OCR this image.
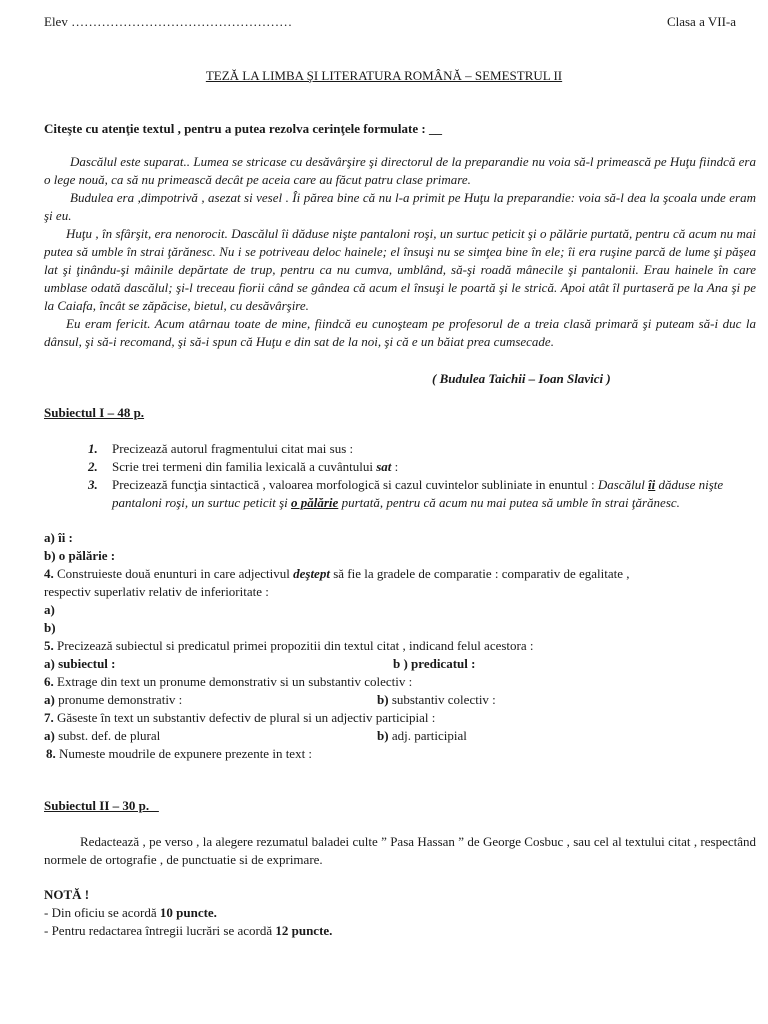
Elev ……………………………………………	Clasa a VII-a
TEZĂ LA LIMBA ŞI LITERATURA ROMÂNĂ – SEMESTRUL II
Citeşte cu atenţie textul , pentru a putea rezolva cerinţele formulate : __

Dascălul este suparat.. Lumea se stricase cu desăvârşire şi directorul de la preparandie nu voia să-l primească pe Huţu fiindcă era o lege nouă, ca să nu primească decât pe aceia care au făcut patru clase primare.

Budulea era ,dimpotrivă , asezat si vesel . Îi părea bine că nu l-a primit pe Huţu la preparandie: voia să-l dea la şcoala unde eram şi eu.

Huţu , în sfârşit, era nenorocit. Dascălul îi dăduse nişte pantaloni roşi, un surtuc peticit şi o pălărie purtată, pentru că acum nu mai putea să umble în strai ţărănesc. Nu i se potriveau deloc hainele; el însuşi nu se simţea bine în ele; îi era ruşine parcă de lume şi păşea lat şi ţinându-şi mâinile depărtate de trup, pentru ca nu cumva, umblând, să-şi roadă mânecile şi pantalonii. Erau hainele în care umblase odată dascălul; şi-l treceau fiorii când se gândea că acum el însuşi le poartă şi le strică. Apoi atât îl purtaseră pe la Ana şi pe la Caiafa, încât se zăpăcise, bietul, cu desăvârşire.

Eu eram fericit. Acum atârnau toate de mine, fiindcă eu cunoşteam pe profesorul de a treia clasă primară şi puteam să-i duc la dânsul, şi să-i recomand, şi să-i spun că Huţu e din sat de la noi, şi că e un băiat prea cumsecade.

( Budulea Taichii – Ioan Slavici )
Subiectul I – 48 p.
1. Precizează autorul fragmentului citat mai sus :
2. Scrie trei termeni din familia lexicală a cuvântului sat :
3. Precizează funcţia sintactică , valoarea morfologică si cazul cuvintelor subliniate in enuntul : Dascălul îi dăduse nişte pantaloni roşi, un surtuc peticit şi o pălărie purtată, pentru că acum nu mai putea să umble în strai ţărănesc.
a) îi :
b) o pălărie :
4. Construieste două enunturi in care adjectivul deştept să fie la gradele de comparatie : comparativ de egalitate ,
respectiv superlativ relativ de inferioritate :
a)
b)
5. Precizează subiectul si predicatul primei propozitii din textul citat , indicand felul acestora :
a) subiectul :	b ) predicatul :
6. Extrage din text un pronume demonstrativ si un substantiv colectiv :
a) pronume demonstrativ :	b) substantiv colectiv :
7. Găseste în text un substantiv defectiv de plural si un adjectiv participial :
a) subst. def. de plural	b) adj. participial
8. Numeste moudrile de expunere prezente in text :
Subiectul II – 30 p.
Redactează , pe verso , la alegere rezumatul baladei culte ” Pasa Hassan ” de George Cosbuc , sau cel al textului citat , respectând normele de ortografie , de punctuatie si de exprimare.
NOTĂ !
- Din oficiu se acordă 10 puncte.
- Pentru redactarea întregii lucrări se acordă 12 puncte.
